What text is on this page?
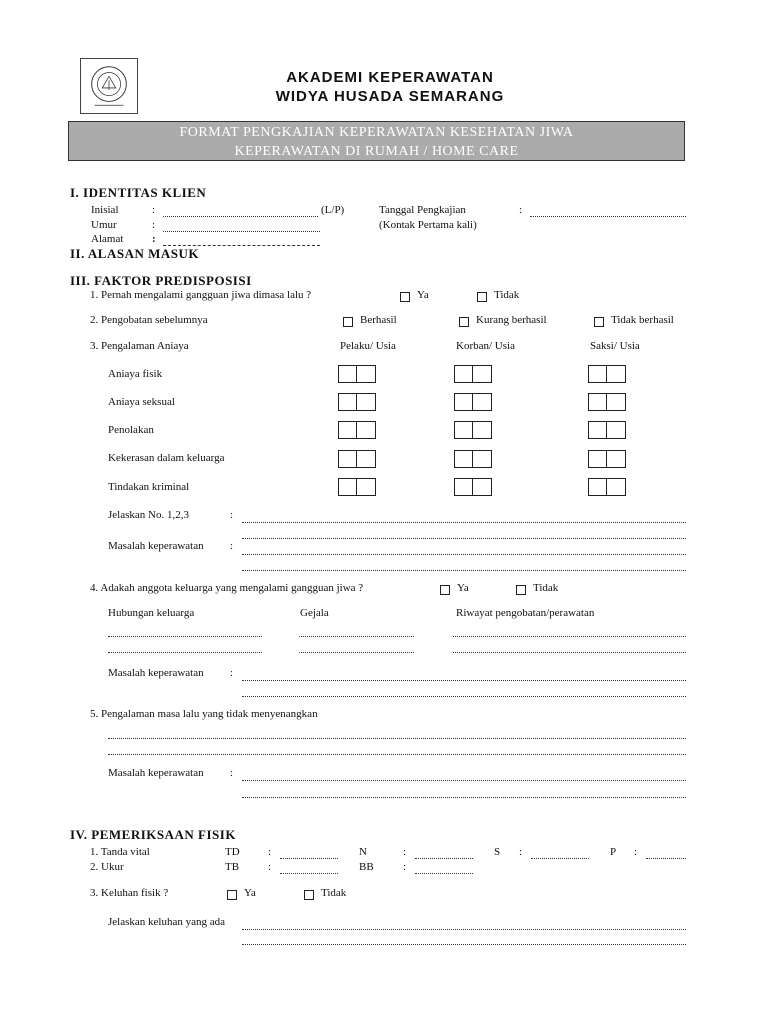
AKADEMI KEPERAWATAN
WIDYA HUSADA SEMARANG
FORMAT PENGKAJIAN KEPERAWATAN KESEHATAN JIWA
KEPERAWATAN DI RUMAH / HOME CARE
I. IDENTITAS KLIEN
Inisial	:	(L/P)	Tanggal Pengkajian	:
Umur	:	(Kontak Pertama kali)
Alamat	:
II. ALASAN MASUK
III. FAKTOR PREDISPOSISI
1. Pernah mengalami gangguan jiwa dimasa lalu ?	Ya	Tidak
2. Pengobatan sebelumnya	Berhasil	Kurang berhasil	Tidak berhasil
3. Pengalaman Aniaya	Pelaku/ Usia	Korban/ Usia	Saksi/ Usia
Aniaya fisik
Aniaya seksual
Penolakan
Kekerasan dalam keluarga
Tindakan kriminal
Jelaskan No. 1,2,3	:
Masalah keperawatan :
4. Adakah anggota keluarga yang mengalami gangguan jiwa ?	Ya	Tidak
Hubungan keluarga	Gejala	Riwayat pengobatan/perawatan
Masalah keperawatan :
5. Pengalaman masa lalu yang tidak menyenangkan
Masalah keperawatan :
IV. PEMERIKSAAN FISIK
1. Tanda vital	TD	:	N	:	S :	P :
2. Ukur	TB	:	BB	:
3. Keluhan fisik ?	Ya	Tidak
Jelaskan keluhan yang ada
